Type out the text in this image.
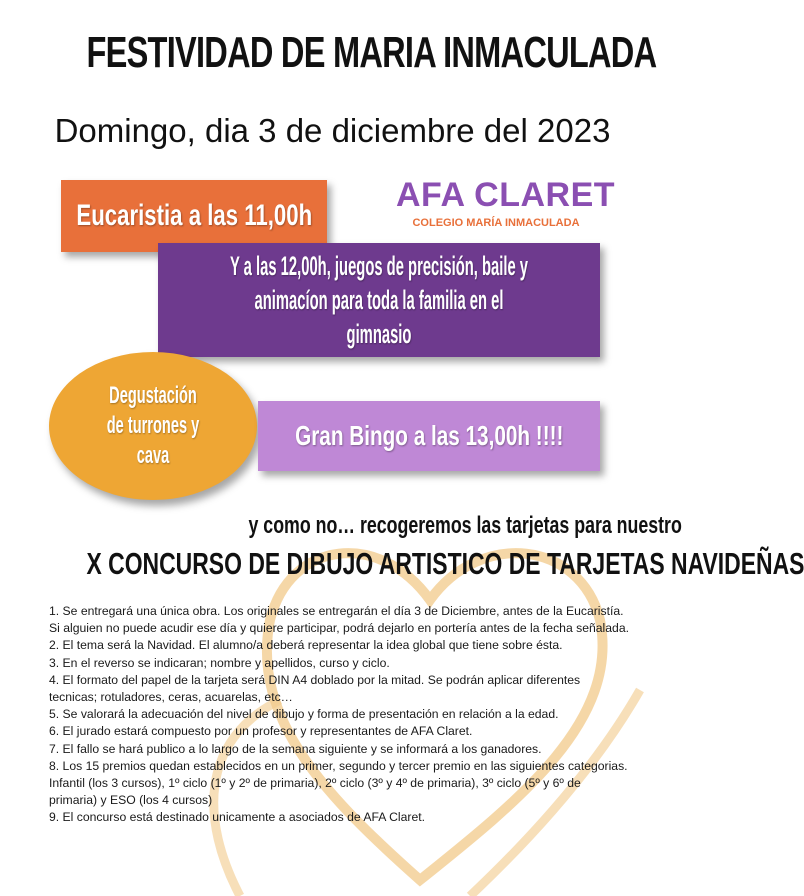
FESTIVIDAD DE MARIA INMACULADA
Domingo, dia 3 de diciembre del 2023
Eucaristia a las 11,00h
AFA CLARET
COLEGIO MARÍA INMACULADA
Y a las 12,00h, juegos de precisión, baile y
animacíon para toda la familia en el gimnasio
Degustación
de turrones y
cava
Gran Bingo a las 13,00h !!!!
y como no… recogeremos las tarjetas para nuestro
X CONCURSO DE DIBUJO ARTISTICO DE TARJETAS NAVIDEÑAS

1. Se entregará una única obra. Los originales se entregarán el día 3 de Diciembre, antes de la Eucaristía. Si alguien no puede acudir ese día y quiere participar, podrá dejarlo en portería antes de la fecha señalada.

2. El tema será la Navidad. El alumno/a deberá representar la idea global que tiene sobre ésta.

3. En el reverso se indicaran; nombre y apellidos, curso y ciclo.

4. El formato del papel de la tarjeta será DIN A4 doblado por la mitad. Se podrán aplicar diferentes tecnicas; rotuladores, ceras, acuarelas, etc…

5. Se valorará la adecuación del nivel de dibujo y forma de presentación en relación a la edad.

6. El jurado estará compuesto por un profesor y representantes de AFA Claret.

7. El fallo se hará publico a lo largo de la semana siguiente y se informará a los ganadores.

8. Los 15 premios quedan establecidos en un primer, segundo y tercer premio en las siguientes categorias. Infantil (los 3 cursos), 1º ciclo (1º y 2º de primaria), 2º ciclo (3º y 4º de primaria), 3º ciclo (5º y 6º de primaria) y ESO (los 4 cursos)

9. El concurso está destinado unicamente a asociados de AFA Claret.
